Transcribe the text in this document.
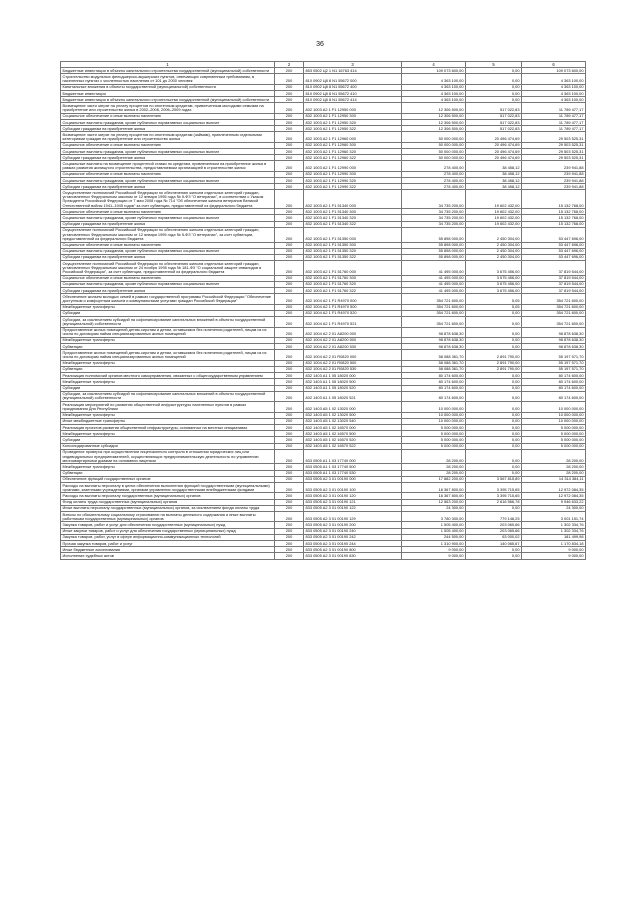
36
1	2	3	4	5	6
Бюджетные инвестиции в объекты капитального строительства государственной (муниципальной) собственности	200	853 0502 Ц2 1 N1 16763 414	109 073 600,00	0,00	109 073 600,00
Строительство модульных фельдшерско-акушерских пунктов, отвечающих современным требованиям, в населенных пунктах с численностью населения от 101 до 2000 человек	200	810 0902 Ц8 8 N1 55672 000	4 363 100,00	0,00	4 363 100,00
Капитальные вложения в объекты государственной (муниципальной) собственности	200	810 0902 Ц8 8 N1 55672 400	4 363 100,00	0,00	4 363 100,00
Бюджетные инвестиции	200	810 0902 Ц8 8 N1 55672 410	4 363 100,00	0,00	4 363 100,00
Бюджетные инвестиции в объекты капитального строительства государственной (муниципальной) собственности	200	810 0902 Ц8 8 N1 55672 414	4 363 100,00	0,00	4 363 100,00
Возмещение части затрат на уплату процентов по ипотечным кредитам, привлеченным молодыми семьями на приобретение или строительство жилья в 2002–2006, 2006–2009 годах	200	832 1003 А2 1 F1 12950 000	12 306 500,00	517 022,83	11 789 477,17
Социальное обеспечение и иные выплаты населению	200	832 1003 А2 1 F1 12950 300	12 306 500,00	517 022,83	11 789 477,17
Социальные выплаты гражданам, кроме публичных нормативных социальных выплат	200	832 1003 А2 1 F1 12950 320	12 306 500,00	517 022,83	11 789 477,17
Субсидии гражданам на приобретение жилья	200	832 1003 А2 1 F1 12950 322	12 306 500,00	517 022,83	11 789 477,17
Возмещение части затрат на уплату процентов по ипотечным кредитам (займам), привлеченным отдельными категориями граждан на приобретение или строительство жилья	200	832 1003 А2 1 F1 12960 000	50 000 000,00	20 496 474,69	29 503 525,31
Социальное обеспечение и иные выплаты населению	200	832 1003 А2 1 F1 12960 300	50 000 000,00	20 496 474,69	29 503 525,31
Социальные выплаты гражданам, кроме публичных нормативных социальных выплат	200	832 1003 А2 1 F1 12960 320	50 000 000,00	20 496 474,69	29 503 525,31
Субсидии гражданам на приобретение жилья	200	832 1003 А2 1 F1 12960 322	50 000 000,00	20 496 474,69	29 503 525,31
Социальные выплаты на возмещение процентной ставки по кредитам, привлеченным на приобретение жилья в рамках развития жилищного строительства, предоставляемым организацией в строительстве жилья	200	832 1003 А2 1 F1 12990 000	278 400,00	38 458,12	239 941,88
Социальное обеспечение и иные выплаты населению	200	832 1003 А2 1 F1 12990 300	278 400,00	38 458,12	239 941,88
Социальные выплаты гражданам, кроме публичных нормативных социальных выплат	200	832 1003 А2 1 F1 12990 320	278 400,00	38 458,12	239 941,88
Субсидии гражданам на приобретение жилья	200	832 1003 А2 1 F1 12990 322	278 400,00	38 458,12	239 941,88
Осуществление полномочий Российской Федерации по обеспечению жильем отдельных категорий граждан, установленных Федеральным законом от 12 января 1995 года № 5-ФЗ "О ветеранах", в соответствии с Указом Президента Российской Федерации от 7 мая 2008 года № 714 "Об обеспечении жильем ветеранов Великой Отечественной войны 1941–1945 годов" за счет субвенции, предоставленной из федерального бюджета	200	832 1003 А2 1 F1 51340 000	34 735 200,00	19 602 432,00	15 132 768,00
Социальное обеспечение и иные выплаты населению	200	832 1003 А2 1 F1 51340 300	34 735 200,00	19 602 432,00	15 132 768,00
Социальные выплаты гражданам, кроме публичных нормативных социальных выплат	200	832 1003 А2 1 F1 51340 320	34 735 200,00	19 602 432,00	15 132 768,00
Субсидии гражданам на приобретение жилья	200	832 1003 А2 1 F1 51340 322	34 735 200,00	19 602 432,00	15 132 768,00
Осуществление полномочий Российской Федерации по обеспечению жильем отдельных категорий граждан, установленных Федеральным законом от 12 января 1995 года № 5-ФЗ "О ветеранах", за счет субвенции, предоставленной из федерального бюджета	200	832 1003 А2 1 F1 51350 000	55 898 000,00	2 450 304,00	53 447 696,00
Социальное обеспечение и иные выплаты населению	200	832 1003 А2 1 F1 51350 300	55 898 000,00	2 450 304,00	53 447 696,00
Социальные выплаты гражданам, кроме публичных нормативных социальных выплат	200	832 1003 А2 1 F1 51350 320	55 898 000,00	2 450 304,00	53 447 696,00
Субсидии гражданам на приобретение жилья	200	832 1003 А2 1 F1 51350 322	55 898 000,00	2 450 304,00	53 447 696,00
Осуществление полномочий Российской Федерации по обеспечению жильем отдельных категорий граждан, установленных Федеральным законом от 24 ноября 1995 года № 181-ФЗ "О социальной защите инвалидов в Российской Федерации", за счет субвенции, предоставленной из федерального бюджета	200	832 1003 А2 1 F1 51760 000	41 495 000,00	3 675 456,00	37 819 544,00
Социальное обеспечение и иные выплаты населению	200	832 1003 А2 1 F1 51760 300	41 495 000,00	3 675 456,00	37 819 544,00
Социальные выплаты гражданам, кроме публичных нормативных социальных выплат	200	832 1003 А2 1 F1 51760 320	41 495 000,00	3 675 456,00	37 819 544,00
Субсидии гражданам на приобретение жилья	200	832 1003 А2 1 F1 51760 322	41 495 000,00	3 675 456,00	37 819 544,00
Обеспечение жильем молодых семей в рамках государственной программы Российской Федерации "Обеспечение доступным и комфортным жильем и коммунальными услугами граждан Российской Федерации"	200	832 1004 А2 1 F1 R4970 000	354 721 600,00	5,05	354 721 600,00
Межбюджетные трансферты	200	832 1004 А2 1 F1 R4970 500	354 721 600,00	5,05	354 721 600,00
Субсидии	200	832 1004 А2 1 F1 R4970 520	354 721 600,00	0,00	354 721 600,00
Субсидии, за исключением субсидий на софинансирование капитальных вложений в объекты государственной (муниципальной) собственности	200	832 1004 А2 1 F1 R4970 521	354 721 600,00	0,00	354 721 600,00
Предоставление жилых помещений детям-сиротам и детям, оставшимся без попечения родителей, лицам из их числа по договорам найма специализированных жилых помещений	200	832 1004 А2 2 01 A8200 000	98 878 638,30	0,00	98 878 638,30
Межбюджетные трансферты	200	832 1004 А2 2 01 A8200 500	98 878 638,30	0,00	98 878 638,30
Субвенции	200	832 1004 А2 2 01 A8200 530	98 878 638,30	0,00	98 878 638,30
Предоставление жилых помещений детям-сиротам и детям, оставшимся без попечения родителей, лицам из их числа по договорам найма специализированных жилых помещений	200	832 1004 А2 2 01 R0820 000	58 088 361,70	2 891 790,00	55 197 571,70
Межбюджетные трансферты	200	832 1004 А2 2 01 R0820 500	58 088 361,70	2 891 790,00	55 197 571,70
Субвенции	200	832 1004 А2 2 01 R0820 530	58 088 361,70	2 891 790,00	55 197 571,70
Реализация полномочий органов местного самоуправления, связанных с общегосударственным управлением	200	832 1403 А1 1 05 18020 000	80 174 600,00	0,00	80 174 600,00
Межбюджетные трансферты	200	832 1403 А1 1 05 18020 500	80 174 600,00	0,00	80 174 600,00
Субсидии	200	832 1403 А1 1 05 18020 520	80 174 600,00	0,00	80 174 600,00
Субсидии, за исключением субсидий на софинансирование капитальных вложений в объекты государственной (муниципальной) собственности	200	832 1403 А1 1 05 18020 521	80 174 600,00	0,00	80 174 600,00
Реализация мероприятий по развитию общественной инфраструктуры населенных пунктов в рамках празднования Дня Республики	200	832 1403 А5 1 02 13020 000	10 000 000,00	0,00	10 000 000,00
Межбюджетные трансферты	200	832 1403 А5 1 02 13020 500	10 000 000,00	0,00	10 000 000,00
Иные межбюджетные трансферты	200	832 1403 А5 1 02 13020 540	10 000 000,00	0,00	10 000 000,00
Реализация проектов развития общественной инфраструктуры, основанных на местных инициативах	200	832 1403 А5 1 02 16570 000	5 000 000,00	0,00	5 000 000,00
Межбюджетные трансферты	200	832 1403 А5 1 02 16570 500	5 000 000,00	0,00	5 000 000,00
Субсидии	200	832 1403 А5 1 02 16570 520	5 000 000,00	0,00	5 000 000,00
Консолидированные субсидии	200	832 1403 А5 1 02 16570 522	5 000 000,00	0,00	5 000 000,00
Проведение проверок при осуществлении лицензионного контроля в отношении юридических лиц или индивидуальных предпринимателей, осуществляющих предпринимательскую деятельность по управлению многоквартирными домами на основании лицензии	200	833 0505 А1 1 03 17740 000	28 200,00	0,00	28 200,00
Межбюджетные трансферты	200	833 0505 А1 1 03 17740 500	28 200,00	0,00	28 200,00
Субвенции	200	833 0505 А1 1 03 17740 530	28 200,00	0,00	28 200,00
Обеспечение функций государственных органов	200	833 0505 А2 3 01 00190 000	17 882 200,00	3 567 815,89	14 314 384,11
Расходы на выплаты персоналу в целях обеспечения выполнения функций государственными (муниципальными) органами, казенными учреждениями, органами управления государственными внебюджетными фондами	200	833 0505 А2 3 01 00190 100	16 367 800,00	3 395 715,65	12 972 084,35
Расходы на выплаты персоналу государственных (муниципальных) органов	200	833 0505 А2 3 01 00190 120	16 367 800,00	3 395 715,65	12 972 084,35
Фонд оплаты труда государственных (муниципальных) органов	200	833 0505 А2 3 01 00190 121	12 563 200,00	2 616 566,78	9 946 633,22
Иные выплаты персоналу государственных (муниципальных) органов, за исключением фонда оплаты труда	200	833 0505 А2 3 01 00190 122	24 300,00	0,00	24 300,00
Взносы по обязательному социальному страхованию на выплаты денежного содержания и иные выплаты работникам государственных (муниципальных) органов	200	833 0505 А2 3 01 00190 129	3 780 300,00	779 148,25	3 001 151,74
Закупка товаров, работ и услуг для обеспечения государственных (муниципальных) нужд	200	833 0505 А2 3 01 00190 200	1 505 400,00	203 065,66	1 302 334,76
Иные закупки товаров, работ и услуг для обеспечения государственных (муниципальных) нужд	200	833 0505 А2 3 01 00190 240	1 505 400,00	203 065,66	1 302 334,76
Закупка товаров, работ, услуг в сфере информационно-коммуникационных технологий	200	833 0505 А2 3 01 00190 242	244 500,00	63 000,02	181 499,98
Прочая закупка товаров, работ и услуг	200	833 0505 А2 3 01 00190 244	1 310 900,00	140 065,67	1 170 834,18
Иные бюджетные ассигнования	200	833 0505 А2 3 01 00190 800	9 000,00	0,00	9 000,00
Исполнение судебных актов	200	833 0505 А2 3 01 00190 830	9 000,00	0,00	9 000,00
